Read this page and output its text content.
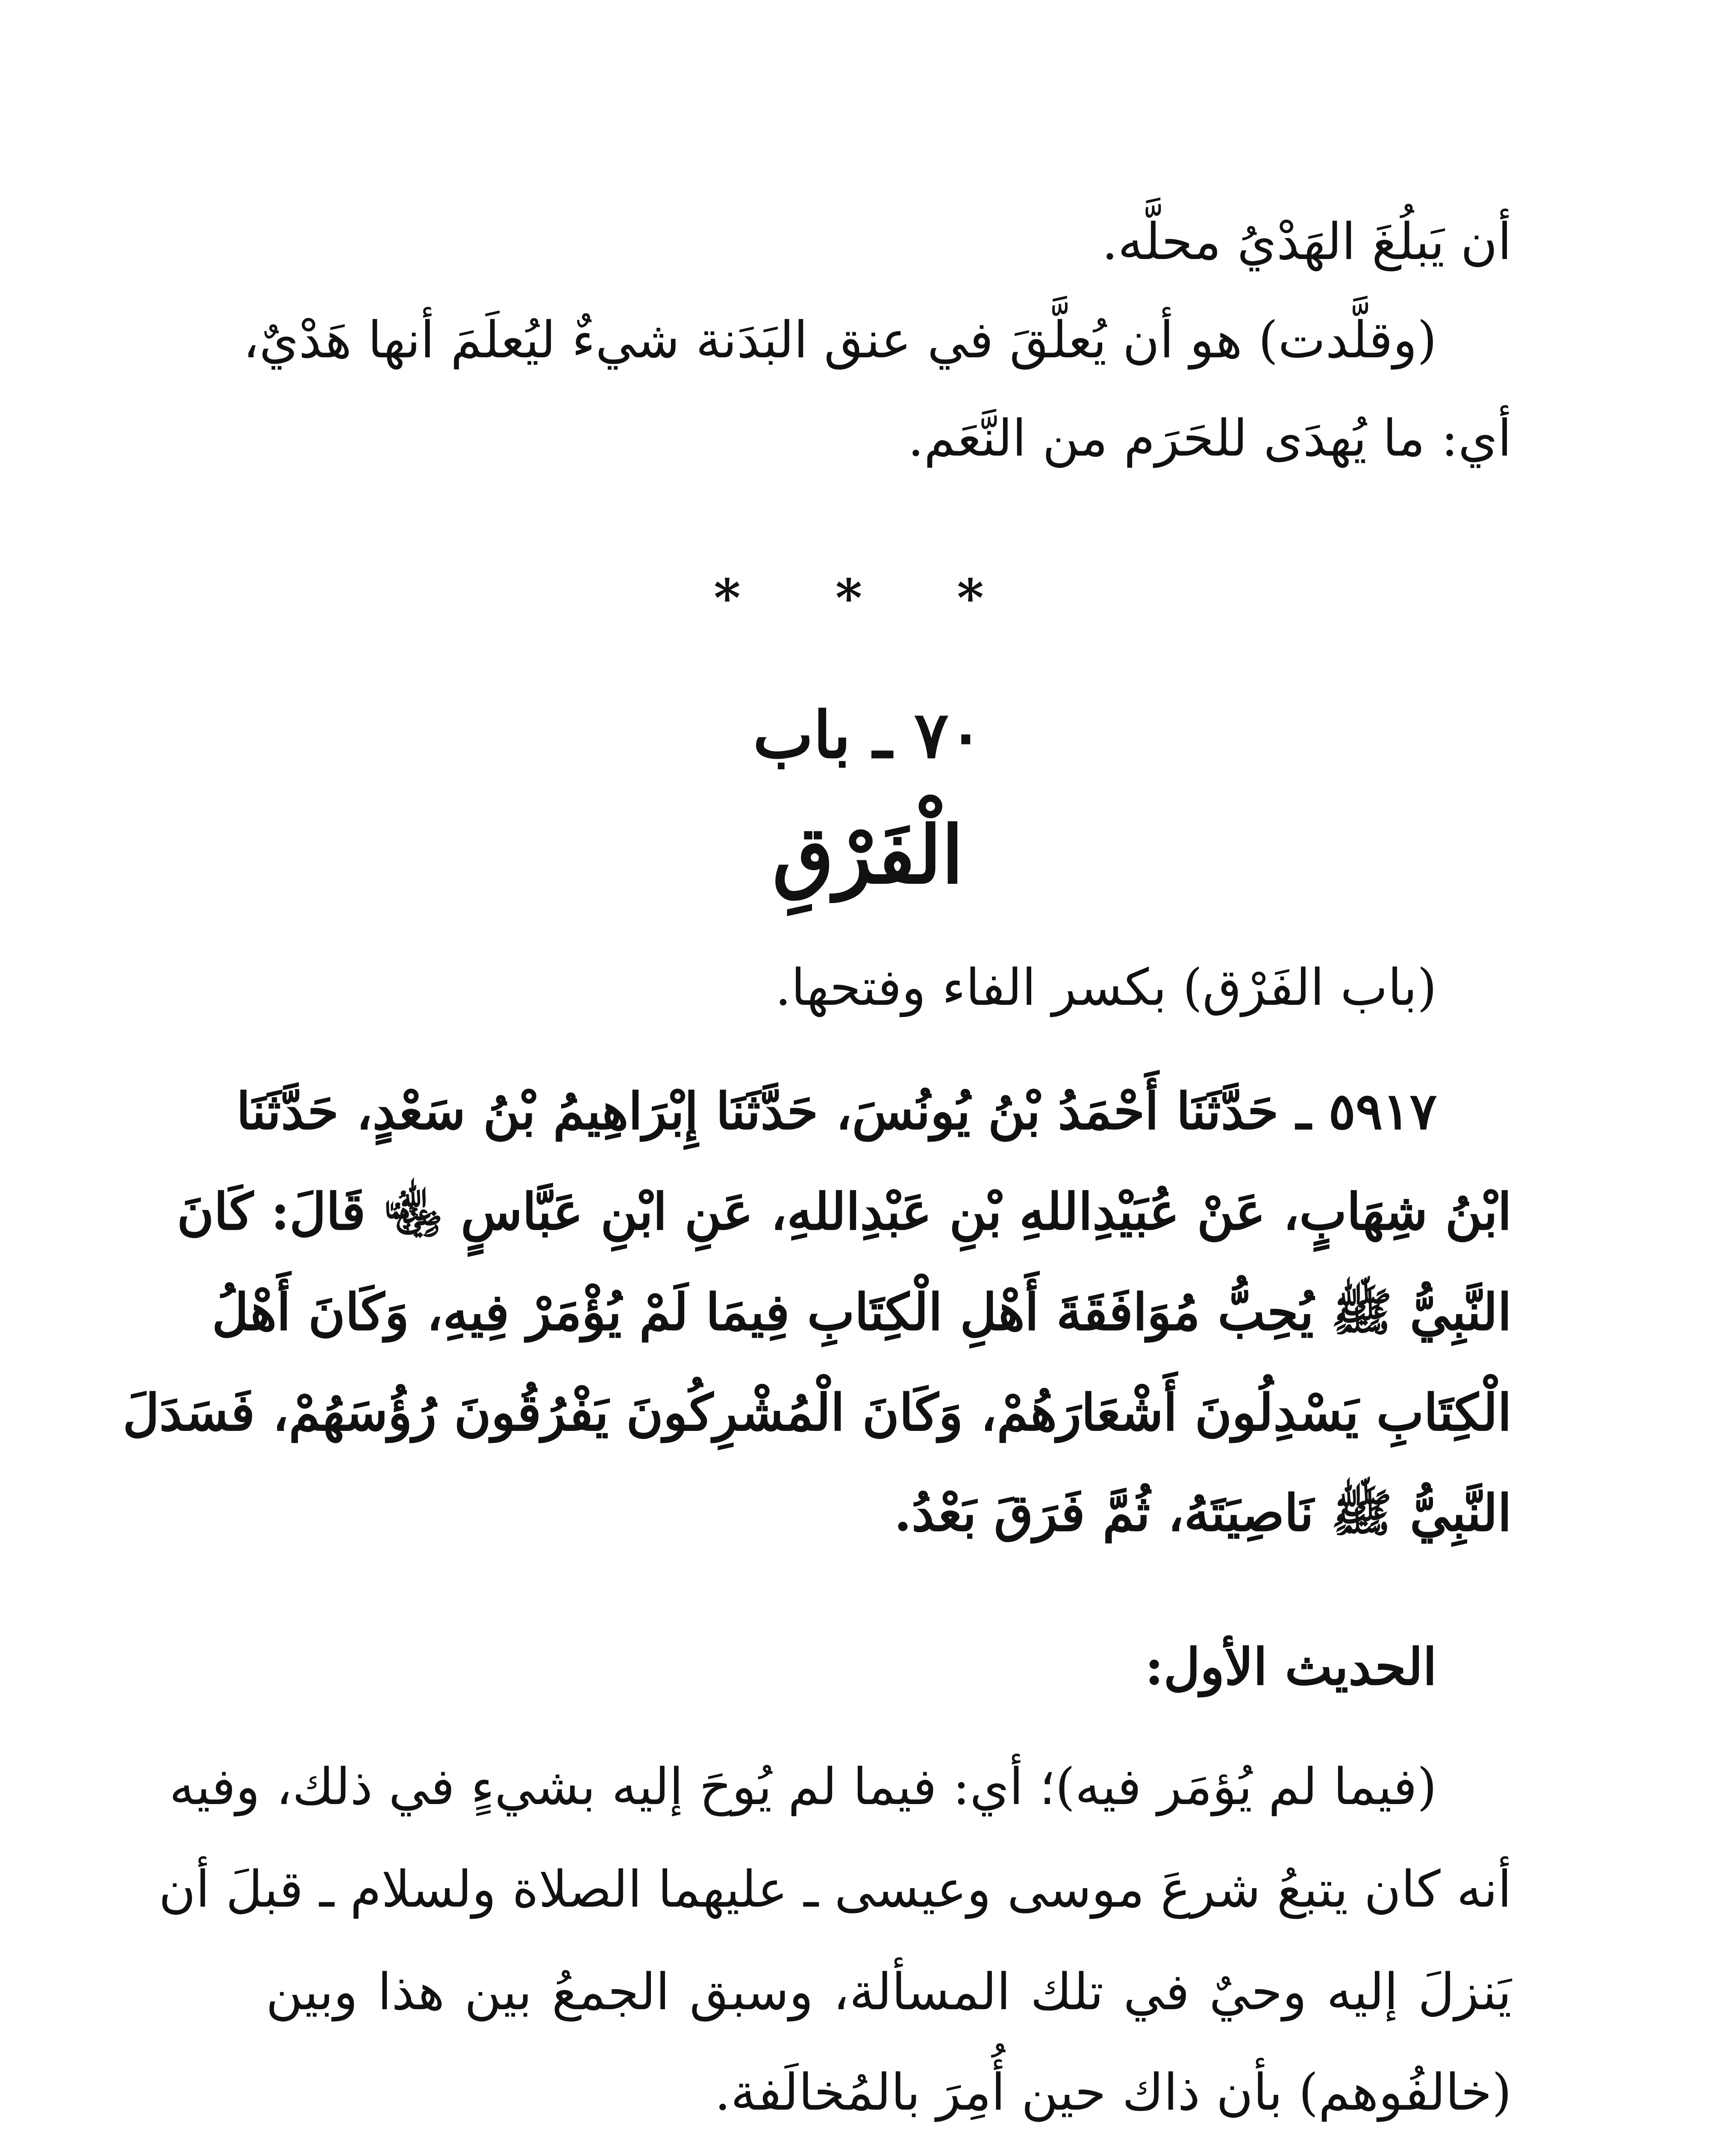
أن يَبلُغَ الهَدْيُ محلَّه.
(وقلَّدت) هو أن يُعلَّقَ في عنق البَدَنة شيءٌ ليُعلَمَ أنها هَدْيٌ،
أي: ما يُهدَى للحَرَم من النَّعَم.
* * *
٧٠ ـ باب
الْفَرْقِ
(باب الفَرْق) بكسر الفاء وفتحها.
٥٩١٧ ـ حَدَّثَنَا أَحْمَدُ بْنُ يُونُسَ، حَدَّثَنَا إِبْرَاهِيمُ بْنُ سَعْدٍ، حَدَّثَنَا
ابْنُ شِهَابٍ، عَنْ عُبَيْدِاللهِ بْنِ عَبْدِاللهِ، عَنِ ابْنِ عَبَّاسٍ ﵄ قَالَ: كَانَ
النَّبِيُّ ﷺ يُحِبُّ مُوَافَقَةَ أَهْلِ الْكِتَابِ فِيمَا لَمْ يُؤْمَرْ فِيهِ، وَكَانَ أَهْلُ
الْكِتَابِ يَسْدِلُونَ أَشْعَارَهُمْ، وَكَانَ الْمُشْرِكُونَ يَفْرُقُونَ رُؤُسَهُمْ، فَسَدَلَ
النَّبِيُّ ﷺ نَاصِيَتَهُ، ثُمَّ فَرَقَ بَعْدُ.
الحديث الأول:
(فيما لم يُؤمَر فيه)؛ أي: فيما لم يُوحَ إليه بشيءٍ في ذلك، وفيه
أنه كان يتبعُ شرعَ موسى وعيسى ـ عليهما الصلاة ولسلام ـ قبلَ أن
يَنزلَ إليه وحيٌ في تلك المسألة، وسبق الجمعُ بين هذا وبين
(خالفُوهم) بأن ذاك حين أُمِرَ بالمُخالَفة.
